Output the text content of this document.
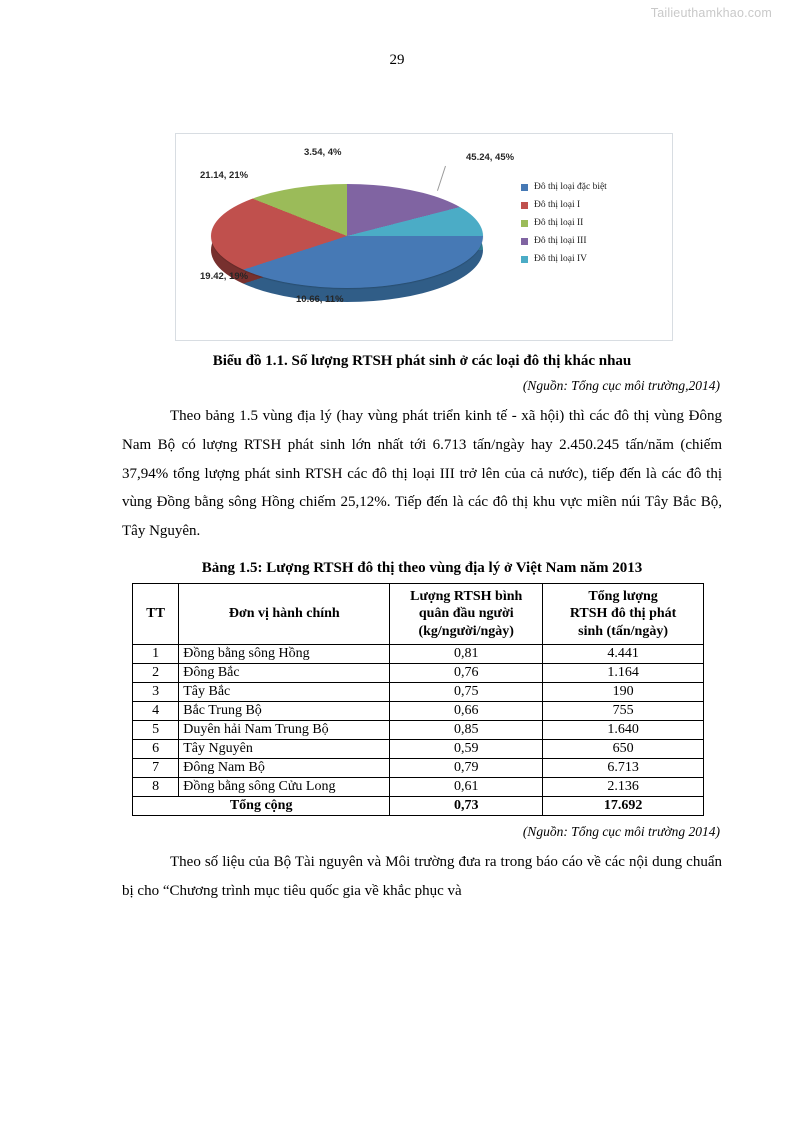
Tailieuthamkhao.com
29
45.24, 45%
10.66, 11%
19.42, 19%
21.14, 21%
3.54, 4%
Đô thị loại đặc biệt
Đô thị loại I
Đô thị loại II
Đô thị loại III
Đô thị loại IV
Biểu đồ 1.1. Số lượng RTSH phát sinh ở các loại đô thị khác nhau
(Nguồn: Tổng cục môi trường,2014)

Theo bảng 1.5 vùng địa lý (hay vùng phát triển kinh tế - xã hội) thì các đô thị vùng Đông Nam Bộ có lượng RTSH phát sinh lớn nhất tới 6.713 tấn/ngày hay 2.450.245 tấn/năm (chiếm 37,94% tổng lượng phát sinh RTSH các đô thị loại III trở lên của cả nước), tiếp đến là các đô thị vùng Đồng bằng sông Hồng chiếm 25,12%. Tiếp đến là các đô thị khu vực miền núi Tây Bắc Bộ, Tây Nguyên.

Bảng 1.5: Lượng RTSH đô thị theo vùng địa lý ở Việt Nam năm 2013
TT	Đơn vị hành chính	
Lượng RTSH bình
quân đầu người
(kg/người/ngày)

Tổng lượng
RTSH đô thị phát
sinh (tấn/ngày)

1	Đồng bằng sông Hồng	0,81	4.441
2	Đông Bắc	0,76	1.164
3	Tây Bắc	0,75	190
4	Bắc Trung Bộ	0,66	755
5	Duyên hải Nam Trung Bộ	0,85	1.640
6	Tây Nguyên	0,59	650
7	Đông Nam Bộ	0,79	6.713
8	Đồng bằng sông Cửu Long	0,61	2.136
Tổng cộng		0,73	17.692
(Nguồn: Tổng cục môi trường 2014)

Theo số liệu của Bộ Tài nguyên và Môi trường đưa ra trong báo cáo về các nội dung chuẩn bị cho “Chương trình mục tiêu quốc gia về khắc phục và
